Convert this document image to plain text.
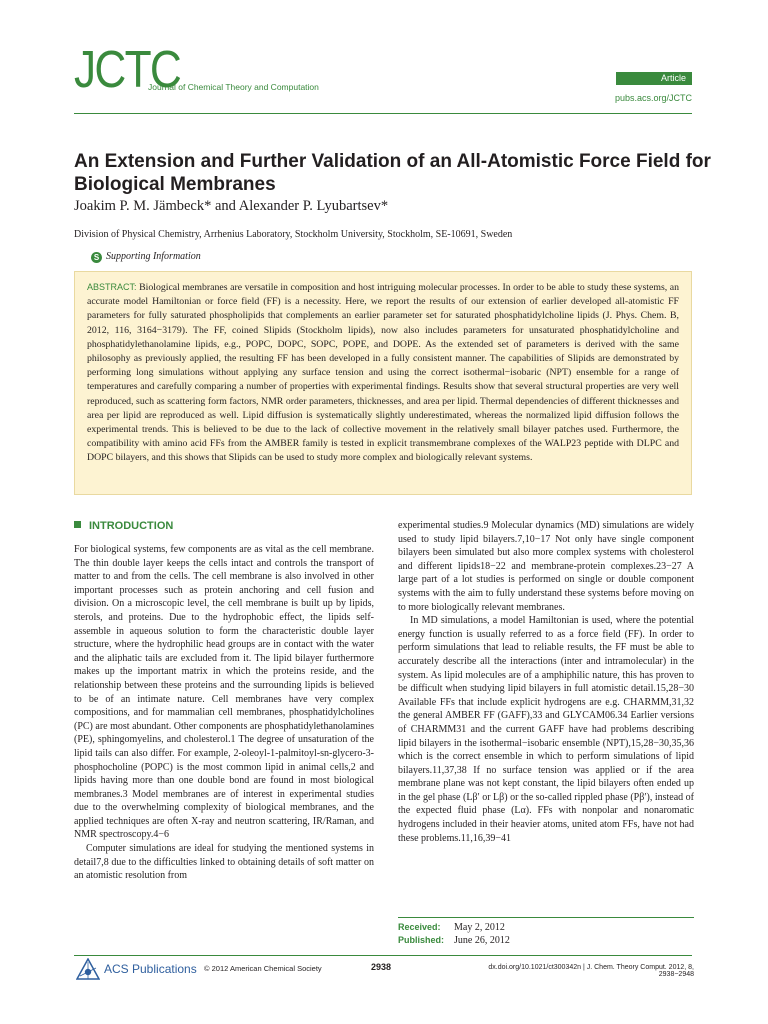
JCTC
Journal of Chemical Theory and Computation
Article
pubs.acs.org/JCTC
An Extension and Further Validation of an All-Atomistic Force Field for Biological Membranes
Joakim P. M. Jämbeck* and Alexander P. Lyubartsev*
Division of Physical Chemistry, Arrhenius Laboratory, Stockholm University, Stockholm, SE-10691, Sweden
S Supporting Information
ABSTRACT: Biological membranes are versatile in composition and host intriguing molecular processes. In order to be able to study these systems, an accurate model Hamiltonian or force field (FF) is a necessity. Here, we report the results of our extension of earlier developed all-atomistic FF parameters for fully saturated phospholipids that complements an earlier parameter set for saturated phosphatidylcholine lipids (J. Phys. Chem. B, 2012, 116, 3164−3179). The FF, coined Slipids (Stockholm lipids), now also includes parameters for unsaturated phosphatidylcholine and phosphatidylethanolamine lipids, e.g., POPC, DOPC, SOPC, POPE, and DOPE. As the extended set of parameters is derived with the same philosophy as previously applied, the resulting FF has been developed in a fully consistent manner. The capabilities of Slipids are demonstrated by performing long simulations without applying any surface tension and using the correct isothermal−isobaric (NPT) ensemble for a range of temperatures and carefully comparing a number of properties with experimental findings. Results show that several structural properties are very well reproduced, such as scattering form factors, NMR order parameters, thicknesses, and area per lipid. Thermal dependencies of different thicknesses and area per lipid are reproduced as well. Lipid diffusion is systematically slightly underestimated, whereas the normalized lipid diffusion follows the experimental trends. This is believed to be due to the lack of collective movement in the relatively small bilayer patches used. Furthermore, the compatibility with amino acid FFs from the AMBER family is tested in explicit transmembrane complexes of the WALP23 peptide with DLPC and DOPC bilayers, and this shows that Slipids can be used to study more complex and biologically relevant systems.
INTRODUCTION

For biological systems, few components are as vital as the cell membrane. The thin double layer keeps the cells intact and controls the transport of matter to and from the cells. The cell membrane is also involved in other important processes such as protein anchoring and cell fusion and division. On a microscopic level, the cell membrane is built up by lipids, sterols, and proteins. Due to the hydrophobic effect, the lipids self-assemble in aqueous solution to form the characteristic double layer structure, where the hydrophilic head groups are in contact with the water and the aliphatic tails are excluded from it. The lipid bilayer furthermore makes up the important matrix in which the proteins reside, and the relationship between these proteins and the surrounding lipids is believed to be of an intimate nature. Cell membranes have very complex compositions, and for mammalian cell membranes, phosphatidylcholines (PC) are most abundant. Other components are phosphatidylethanolamines (PE), sphingomyelins, and cholesterol.1 The degree of unsaturation of the lipid tails can also differ. For example, 2-oleoyl-1-palmitoyl-sn-glycero-3-phosphocholine (POPC) is the most common lipid in animal cells,2 and lipids having more than one double bond are found in most biological membranes.3 Model membranes are of interest in experimental studies due to the overwhelming complexity of biological membranes, and the applied techniques are often X-ray and neutron scattering, IR/Raman, and NMR spectroscopy.4−6

Computer simulations are ideal for studying the mentioned systems in detail7,8 due to the difficulties linked to obtaining details of soft matter on an atomistic resolution from

experimental studies.9 Molecular dynamics (MD) simulations are widely used to study lipid bilayers.7,10−17 Not only have single component bilayers been simulated but also more complex systems with cholesterol and different lipids18−22 and membrane-protein complexes.23−27 A large part of a lot studies is performed on single or double component systems with the aim to fully understand these systems before moving on to more biologically relevant membranes.

In MD simulations, a model Hamiltonian is used, where the potential energy function is usually referred to as a force field (FF). In order to perform simulations that lead to reliable results, the FF must be able to accurately describe all the interactions (inter and intramolecular) in the system. As lipid molecules are of a amphiphilic nature, this has proven to be difficult when studying lipid bilayers in full atomistic detail.15,28−30 Available FFs that include explicit hydrogens are e.g. CHARMM,31,32 the general AMBER FF (GAFF),33 and GLYCAM06.34 Earlier versions of CHARMM31 and the current GAFF have had problems describing lipid bilayers in the isothermal−isobaric ensemble (NPT),15,28−30,35,36 which is the correct ensemble in which to perform simulations of lipid bilayers.11,37,38 If no surface tension was applied or if the area membrane plane was not kept constant, the lipid bilayers often ended up in the gel phase (Lβ′ or Lβ) or the so-called rippled phase (Pβ′), instead of the expected fluid phase (Lα). FFs with nonpolar and nonaromatic hydrogens included in their heavier atoms, united atom FFs, have not had these problems.11,16,39−41

Received: May 2, 2012
Published: June 26, 2012
ACS Publications © 2012 American Chemical Society	2938	dx.doi.org/10.1021/ct300342n | J. Chem. Theory Comput. 2012, 8, 2938−2948
